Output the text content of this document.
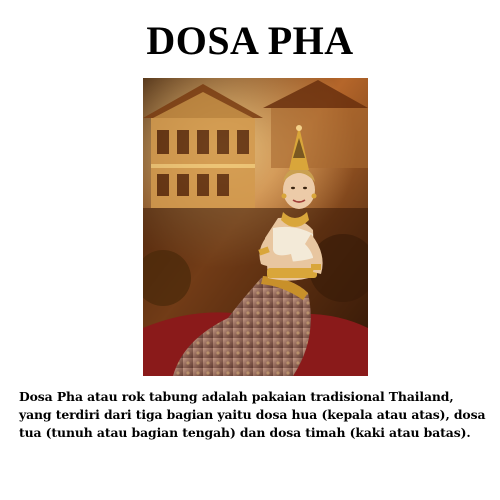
DOSA PHA

Dosa Pha atau rok tabung adalah pakaian tradisional Thailand, yang terdiri dari tiga bagian yaitu dosa hua (kepala atau atas), dosa tua (tunuh atau bagian tengah) dan dosa timah (kaki atau batas).
